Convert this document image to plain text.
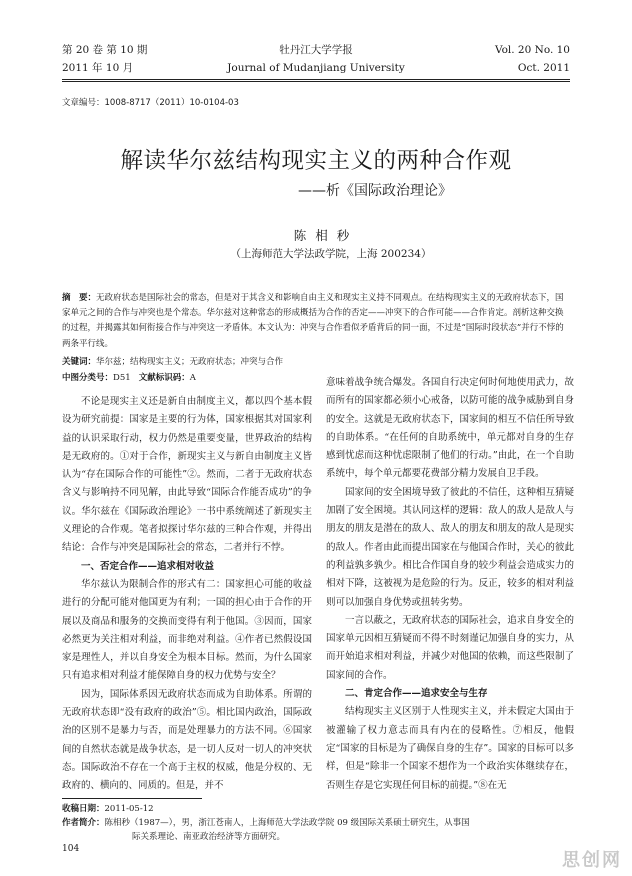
第 20 卷 第 10 期
2011 年 10 月
牡丹江大学学报
Journal of Mudanjiang University
Vol. 20 No. 10
Oct. 2011
文章编号：1008-8717（2011）10-0104-03
解读华尔兹结构现实主义的两种合作观
——析《国际政治理论》
陈相秒
（上海师范大学法政学院，上海 200234）
摘　要：无政府状态是国际社会的常态，但是对于其含义和影响自由主义和现实主义持不同观点。在结构现实主义的无政府状态下，国家单元之间的合作与冲突也是个常态。华尔兹对这种常态的形成概括为合作的否定——冲突下的合作可能——合作肯定。剖析这种交换的过程，并揭露其如何衔接合作与冲突这一矛盾体。本文认为：冲突与合作看似矛盾背后的同一面，不过是“国际时段状态”并行不悖的两条平行线。
关键词：华尔兹；结构现实主义；无政府状态；冲突与合作
中图分类号：D51 文献标识码：A

不论是现实主义还是新自由制度主义，都以四个基本假设为研究前提：国家是主要的行为体，国家根据其对国家利益的认识采取行动，权力仍然是重要变量，世界政治的结构是无政府的。①对于合作，新现实主义与新自由制度主义皆认为“存在国际合作的可能性”②。然而，二者于无政府状态含义与影响持不同见解，由此导致“国际合作能否成功”的争议。华尔兹在《国际政治理论》一书中系统阐述了新现实主义理论的合作观。笔者拟探讨华尔兹的三种合作观，并得出结论：合作与冲突是国际社会的常态，二者并行不悖。

一、否定合作——追求相对收益

华尔兹认为限制合作的形式有二：国家担心可能的收益进行的分配可能对他国更为有利；一国的担心由于合作的开展以及商品和服务的交换而变得有利于他国。③因而，国家必然更为关注相对利益，而非绝对利益。④作者已然假设国家是理性人，并以自身安全为根本目标。然而，为什么国家只有追求相对利益才能保障自身的权力优势与安全？

因为，国际体系因无政府状态而成为自助体系。所谓的无政府状态即“没有政府的政治”⑤。相比国内政治，国际政治的区别不是暴力与否，而是处理暴力的方法不同。⑥国家间的自然状态就是战争状态，是一切人反对一切人的冲突状态。国际政治不存在一个高于主权的权威，他是分权的、无政府的、横向的、同质的。但是，并不

意味着战争统合爆发。各国自行决定何时何地使用武力，故而所有的国家都必须小心戒备，以防可能的战争威胁到自身的安全。这就是无政府状态下，国家间的相互不信任所导致的自助体系。“在任何的自助系统中，单元都对自身的生存感到忧虑而这种忧虑限制了他们的行动。”由此，在一个自助系统中，每个单元都要花费部分精力发展自卫手段。

国家间的安全困境导致了彼此的不信任，这种相互猜疑加剧了安全困境。其认同这样的逻辑：敌人的敌人是敌人与朋友的朋友是潜在的敌人、敌人的朋友和朋友的敌人是现实的敌人。作者由此而提出国家在与他国合作时，关心的彼此的利益孰多孰少。相比合作国自身的较少利益会造成实力的相对下降，这被视为是危险的行为。反正，较多的相对利益则可以加强自身优势或扭转劣势。

一言以蔽之，无政府状态的国际社会，追求自身安全的国家单元因相互猜疑而不得不时刻谨记加强自身的实力，从而开始追求相对利益，并减少对他国的依赖，而这些限制了国家间的合作。

二、肯定合作——追求安全与生存

结构现实主义区别于人性现实主义，并未假定大国由于被灌输了权力意志而具有内在的侵略性。⑦相反，他假定“国家的目标是为了确保自身的生存”。国家的目标可以多样，但是“除非一个国家不想作为一个政治实体继续存在，否则生存是它实现任何目标的前提。”⑧在无

收稿日期：2011-05-12
作者简介：陈相秒（1987—），男，浙江苍南人，上海师范大学法政学院 09 级国际关系硕士研究生，从事国
际关系理论、南亚政治经济等方面研究。
104
思创网
